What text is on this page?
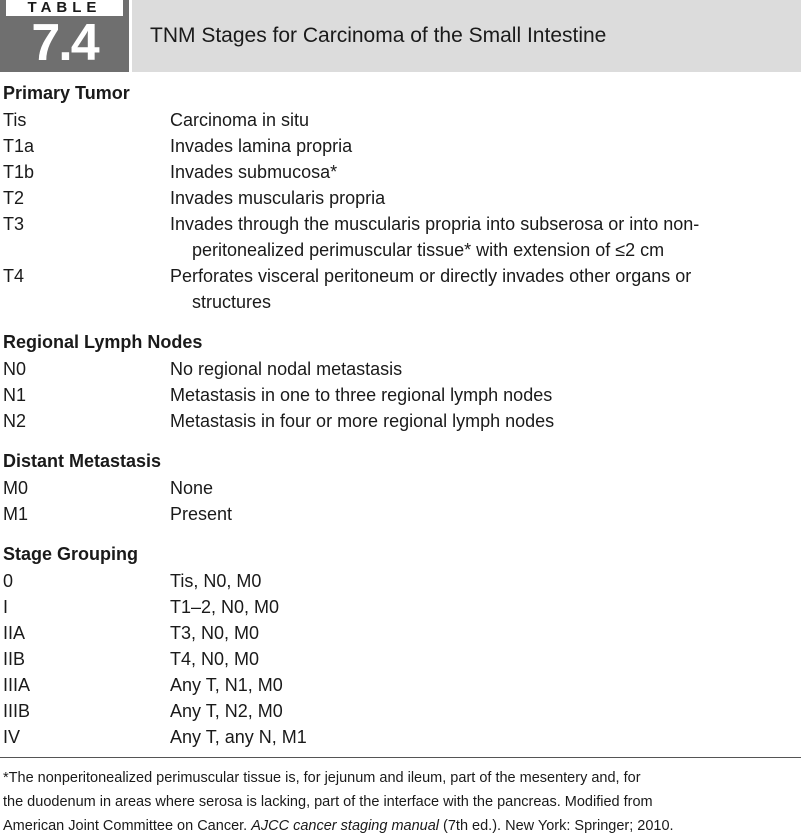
TABLE
7.4	TNM Stages for Carcinoma of the Small Intestine
Primary Tumor
Tis	Carcinoma in situ
T1a	Invades lamina propria
T1b	Invades submucosa*
T2	Invades muscularis propria
T3	Invades through the muscularis propria into subserosa or into non-
peritonealized perimuscular tissue* with extension of ≤2 cm
T4	Perforates visceral peritoneum or directly invades other organs or
structures
Regional Lymph Nodes
N0	No regional nodal metastasis
N1	Metastasis in one to three regional lymph nodes
N2	Metastasis in four or more regional lymph nodes
Distant Metastasis
M0	None
M1	Present
Stage Grouping
0	Tis, N0, M0
I	T1–2, N0, M0
IIA	T3, N0, M0
IIB	T4, N0, M0
IIIA	Any T, N1, M0
IIIB	Any T, N2, M0
IV	Any T, any N, M1
*The nonperitonealized perimuscular tissue is, for jejunum and ileum, part of the mesentery and, for
the duodenum in areas where serosa is lacking, part of the interface with the pancreas. Modified from
American Joint Committee on Cancer. AJCC cancer staging manual (7th ed.). New York: Springer; 2010.
